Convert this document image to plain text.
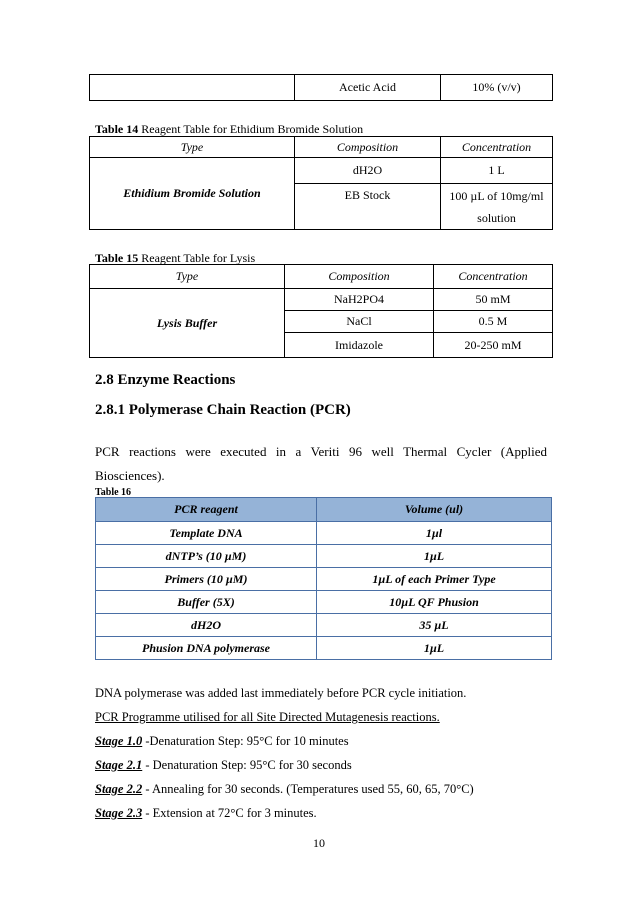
	Acetic Acid	10% (v/v)
Table 14 Reagent Table for Ethidium Bromide Solution
Type	Composition	Concentration
Ethidium Bromide Solution	dH2O	1 L
	EB Stock	100 µL of 10mg/ml
solution
Table 15 Reagent Table for Lysis
Type	Composition	Concentration
Lysis Buffer	NaH2PO4	50 mM
	NaCl	0.5 M
	Imidazole	20-250 mM
2.8 Enzyme Reactions
2.8.1 Polymerase Chain Reaction (PCR)
PCR reactions were executed in a Veriti 96 well Thermal Cycler (Applied
Biosciences).
Table 16
PCR reagent	Volume (ul)
Template DNA	1µl
dNTP’s (10 µM)	1µL
Primers (10 µM)	1µL of each Primer Type
Buffer (5X)	10µL QF Phusion
dH2O	35 µL
Phusion DNA polymerase	1µL
DNA polymerase was added last immediately before PCR cycle initiation.
PCR Programme utilised for all Site Directed Mutagenesis reactions.
Stage 1.0 -Denaturation Step: 95°C for 10 minutes
Stage 2.1 - Denaturation Step: 95°C for 30 seconds
Stage 2.2 - Annealing for 30 seconds. (Temperatures used 55, 60, 65, 70°C)
Stage 2.3 - Extension at 72°C for 3 minutes.
10
